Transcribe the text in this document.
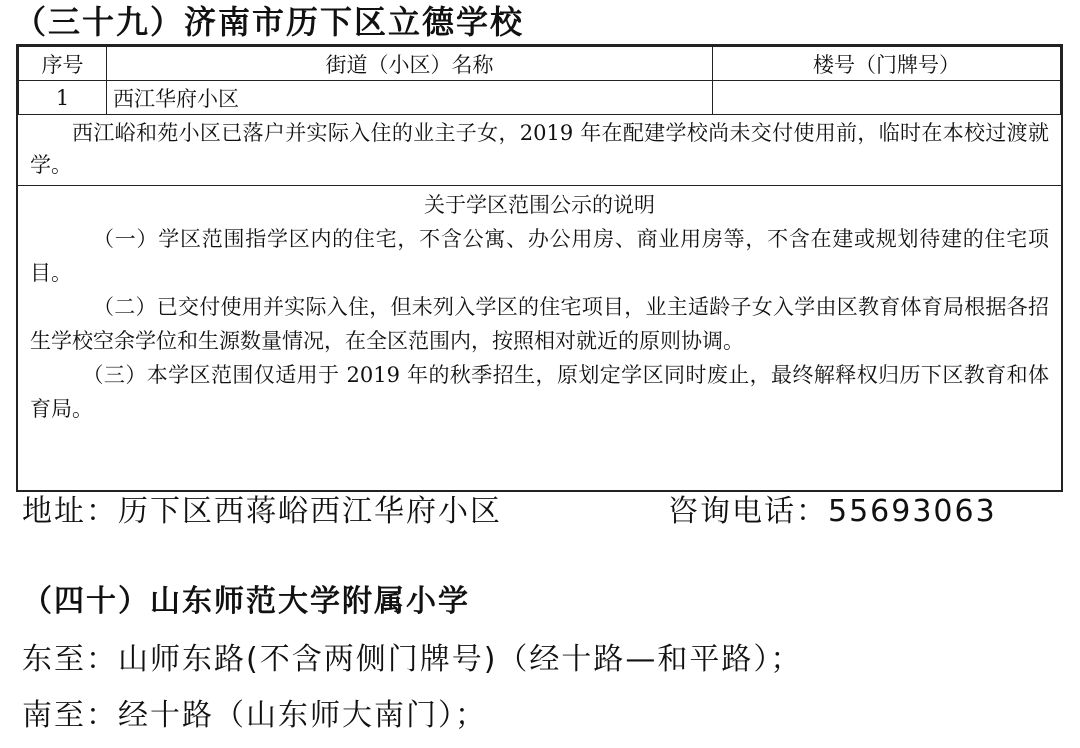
（三十九）济南市历下区立德学校
序号	街道（小区）名称	楼号（门牌号）
1	西江华府小区	
西江峪和苑小区已落户并实际入住的业主子女，2019 年在配建学校尚未交付使用前，临时在本校过渡就学。
关于学区范围公示的说明

（一）学区范围指学区内的住宅，不含公寓、办公用房、商业用房等，不含在建或规划待建的住宅项目。

（二）已交付使用并实际入住，但未列入学区的住宅项目，业主适龄子女入学由区教育体育局根据各招生学校空余学位和生源数量情况，在全区范围内，按照相对就近的原则协调。

（三）本学区范围仅适用于 2019 年的秋季招生，原划定学区同时废止，最终解释权归历下区教育和体育局。

地址：历下区西蒋峪西江华府小区	咨询电话：55693063
（四十）山东师范大学附属小学
东至：山师东路(不含两侧门牌号)（经十路—和平路）；
南至：经十路（山东师大南门）；
